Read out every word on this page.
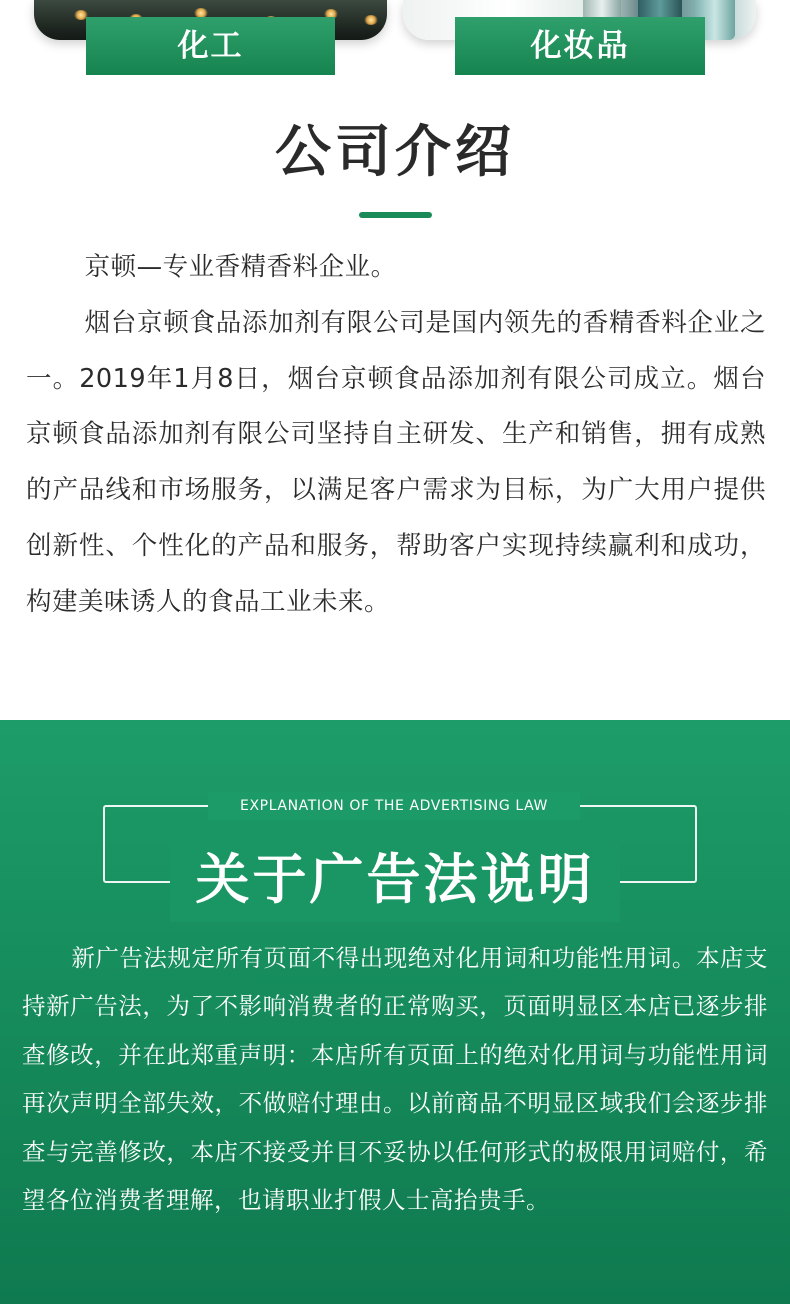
化工	化妆品
公司介绍

京顿—专业香精香料企业。

烟台京顿食品添加剂有限公司是国内领先的香精香料企业之一。2019年1月8日，烟台京顿食品添加剂有限公司成立。烟台京顿食品添加剂有限公司坚持自主研发、生产和销售，拥有成熟的产品线和市场服务，以满足客户需求为目标，为广大用户提供创新性、个性化的产品和服务，帮助客户实现持续赢利和成功，构建美味诱人的食品工业未来。

EXPLANATION OF THE ADVERTISING LAW
关于广告法说明

新广告法规定所有页面不得出现绝对化用词和功能性用词。本店支持新广告法，为了不影响消费者的正常购买，页面明显区本店已逐步排查修改，并在此郑重声明：本店所有页面上的绝对化用词与功能性用词再次声明全部失效，不做赔付理由。以前商品不明显区域我们会逐步排查与完善修改，本店不接受并目不妥协以任何形式的极限用词赔付，希望各位消费者理解，也请职业打假人士高抬贵手。
